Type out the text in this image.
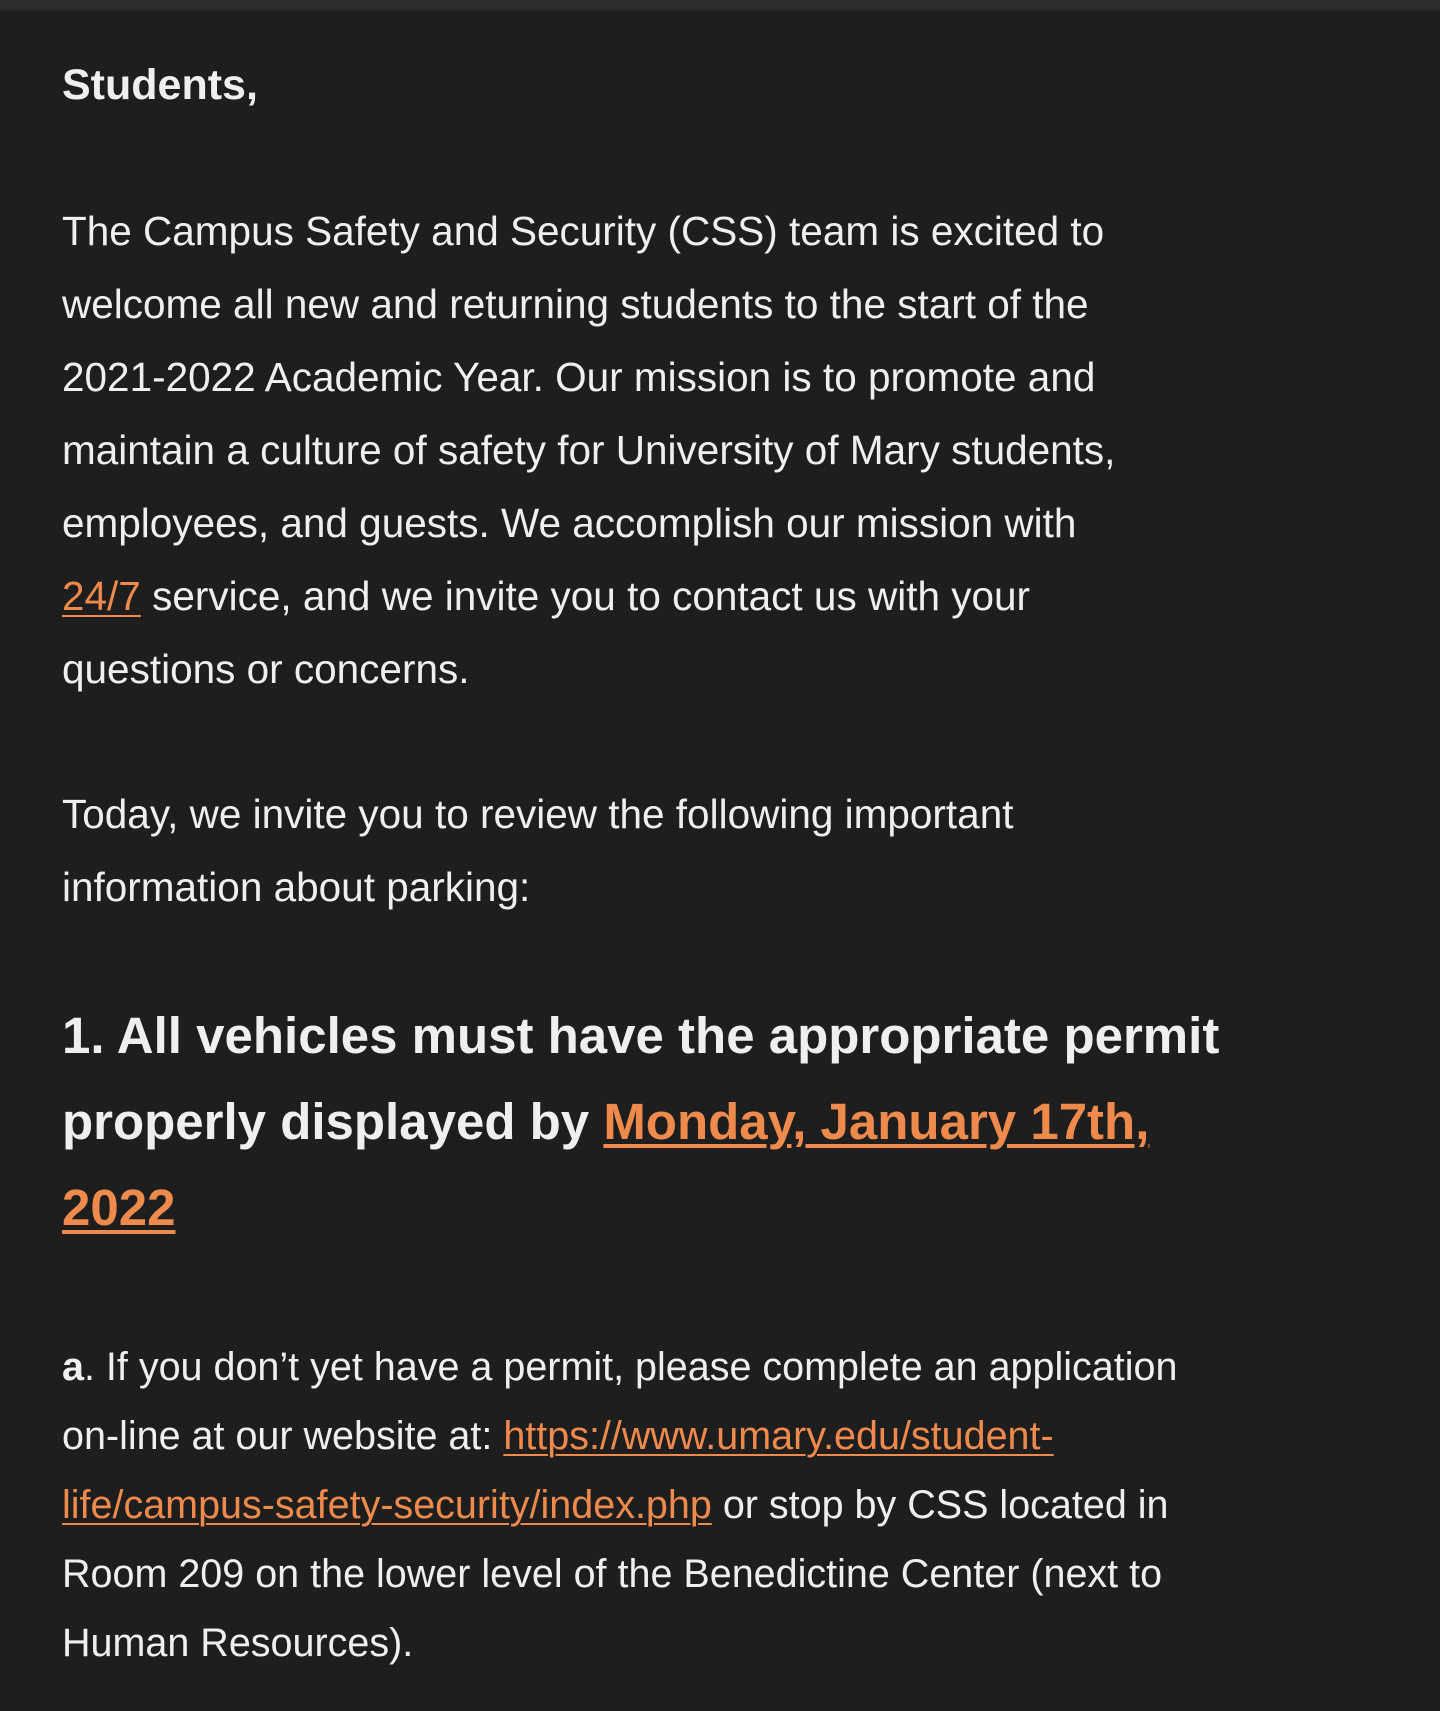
Students,
The Campus Safety and Security (CSS) team is excited to
welcome all new and returning students to the start of the
2021-2022 Academic Year. Our mission is to promote and
maintain a culture of safety for University of Mary students,
employees, and guests. We accomplish our mission with
24/7 service, and we invite you to contact us with your
questions or concerns.
Today, we invite you to review the following important
information about parking:
1. All vehicles must have the appropriate permit
properly displayed by Monday, January 17th,
2022
a. If you don’t yet have a permit, please complete an application
on-line at our website at: https://www.umary.edu/student-
life/campus-safety-security/index.php or stop by CSS located in
Room 209 on the lower level of the Benedictine Center (next to
Human Resources).
